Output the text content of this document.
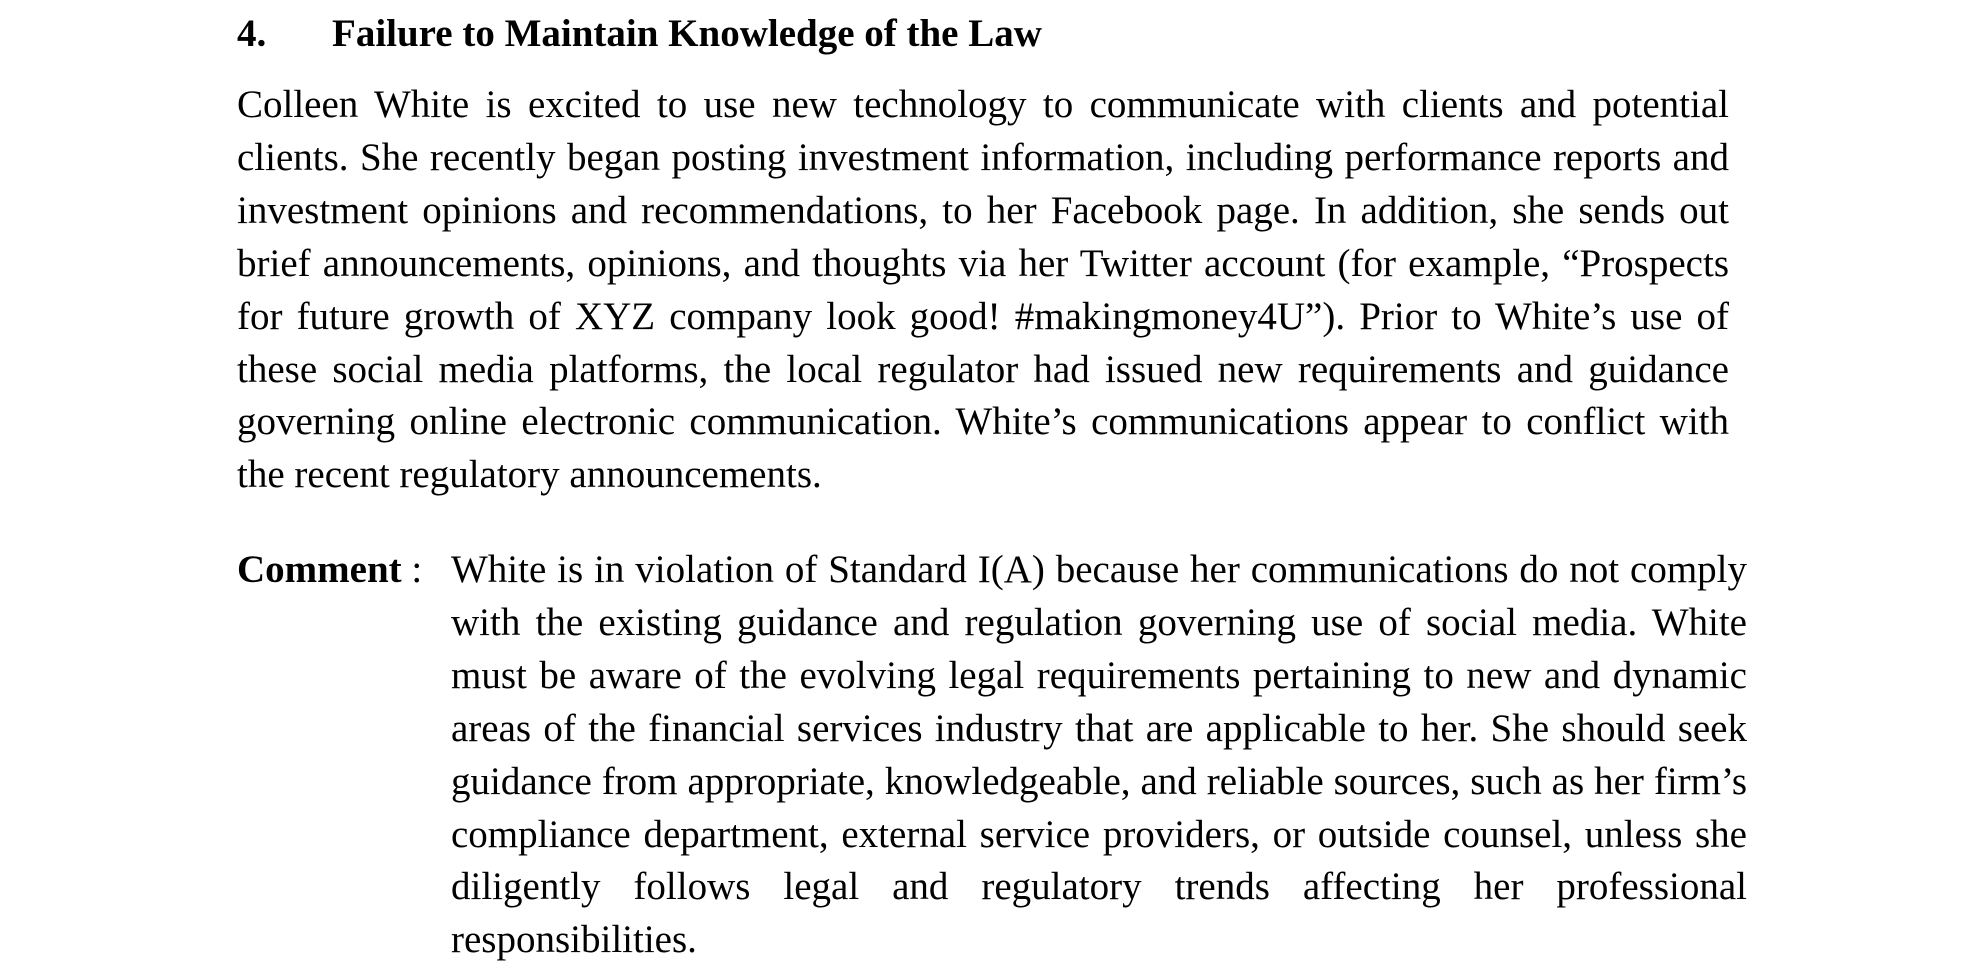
4. Failure to Maintain Knowledge of the Law

Colleen White is excited to use new technology to communicate with clients and potential clients. She recently began posting investment information, including performance reports and investment opinions and recommendations, to her Facebook page. In addition, she sends out brief announcements, opinions, and thoughts via her Twitter account (for example, “Prospects for future growth of XYZ company look good! #makingmoney4U”). Prior to White’s use of these social media platforms, the local regulator had issued new requirements and guidance governing online electronic communication. White’s communications appear to conflict with the recent regulatory announcements.

Comment : White is in violation of Standard I(A) because her communications do not comply with the existing guidance and regulation governing use of social media. White must be aware of the evolving legal requirements pertaining to new and dynamic areas of the financial services industry that are applicable to her. She should seek guidance from appropriate, knowledgeable, and reliable sources, such as her firm’s compliance department, external service providers, or outside counsel, unless she diligently follows legal and regulatory trends affecting her professional responsibilities.
